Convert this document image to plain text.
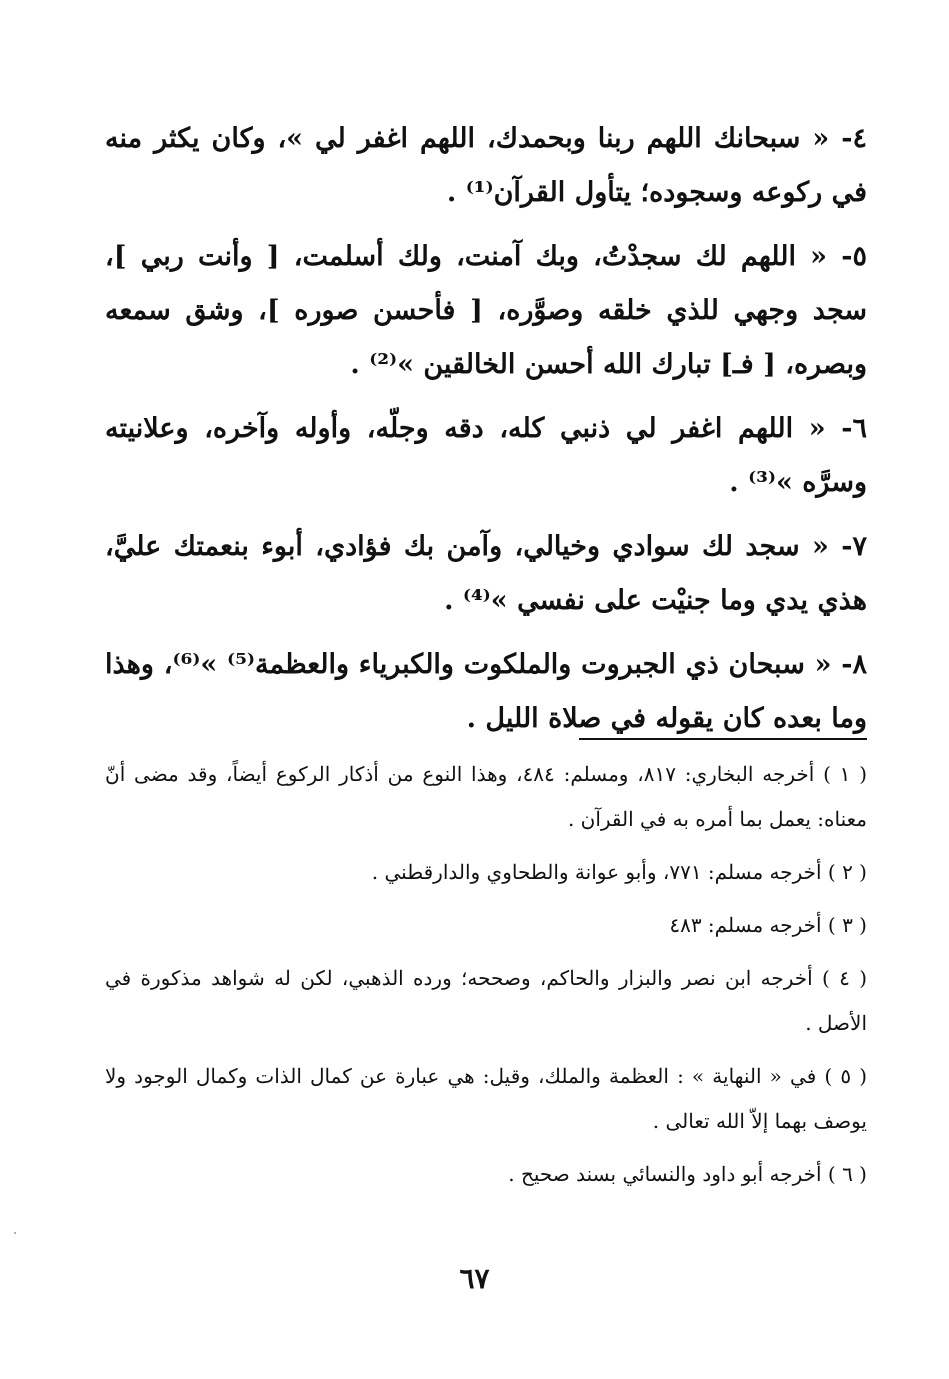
٤- « سبحانك اللهم ربنا وبحمدك، اللهم اغفر لي »، وكان يكثر منه في ركوعه وسجوده؛ يتأول القرآن⁽¹⁾ .

٥- « اللهم لك سجدْتُ، وبك آمنت، ولك أسلمت، [ وأنت ربي ]، سجد وجهي للذي خلقه وصوَّره، [ فأحسن صوره ]، وشق سمعه وبصره، [ فـ] تبارك الله أحسن الخالقين »⁽²⁾ .

٦- « اللهم اغفر لي ذنبي كله، دقه وجلّه، وأوله وآخره، وعلانيته وسرَّه »⁽³⁾ .

٧- « سجد لك سوادي وخيالي، وآمن بك فؤادي، أبوء بنعمتك عليَّ، هذي يدي وما جنيْت على نفسي »⁽⁴⁾ .

٨- « سبحان ذي الجبروت والملكوت والكبرياء والعظمة⁽⁵⁾ »⁽⁶⁾، وهذا وما بعده كان يقوله في صلاة الليل .

( ١ ) أخرجه البخاري: ٨١٧، ومسلم: ٤٨٤، وهذا النوع من أذكار الركوع أيضاً، وقد مضى أنّ معناه: يعمل بما أمره به في القرآن .

( ٢ ) أخرجه مسلم: ٧٧١، وأبو عوانة والطحاوي والدارقطني .

( ٣ ) أخرجه مسلم: ٤٨٣

( ٤ ) أخرجه ابن نصر والبزار والحاكم، وصححه؛ ورده الذهبي، لكن له شواهد مذكورة في الأصل .

( ٥ ) في « النهاية » : العظمة والملك، وقيل: هي عبارة عن كمال الذات وكمال الوجود ولا يوصف بهما إلاّ الله تعالى .

( ٦ ) أخرجه أبو داود والنسائي بسند صحيح .

٦٧
